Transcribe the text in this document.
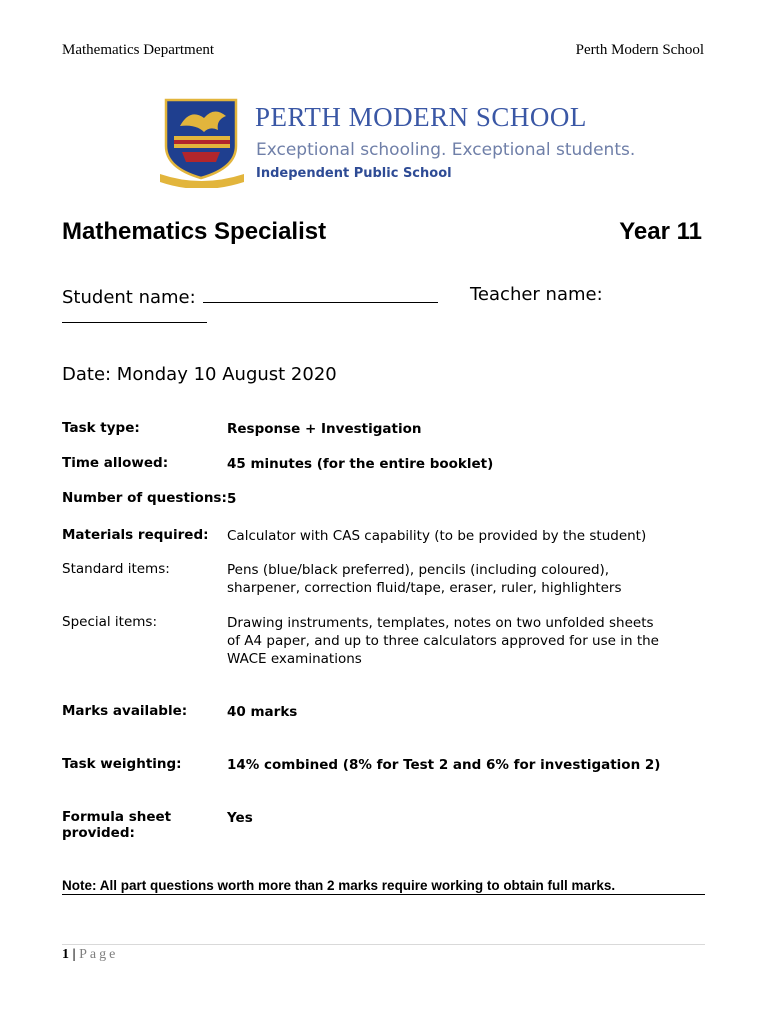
Mathematics Department	Perth Modern School
PERTH MODERN SCHOOL
Exceptional schooling. Exceptional students.
Independent Public School
Mathematics Specialist	Year 11
Student name:	Teacher name:
Date: Monday 10 August 2020
Task type:	Response + Investigation
Time allowed:	45 minutes (for the entire booklet)
Number of questions: 5
Materials required:	Calculator with CAS capability (to be provided by the student)
Standard items:	Pens (blue/black preferred), pencils (including coloured), sharpener, correction fluid/tape, eraser, ruler, highlighters
Special items:	Drawing instruments, templates, notes on two unfolded sheets of A4 paper, and up to three calculators approved for use in the WACE examinations
Marks available:	40 marks
Task weighting:	14% combined (8% for Test 2 and 6% for investigation 2)
Formula sheet provided:
Yes
Note: All part questions worth more than 2 marks require working to obtain full marks.
1 | Page
